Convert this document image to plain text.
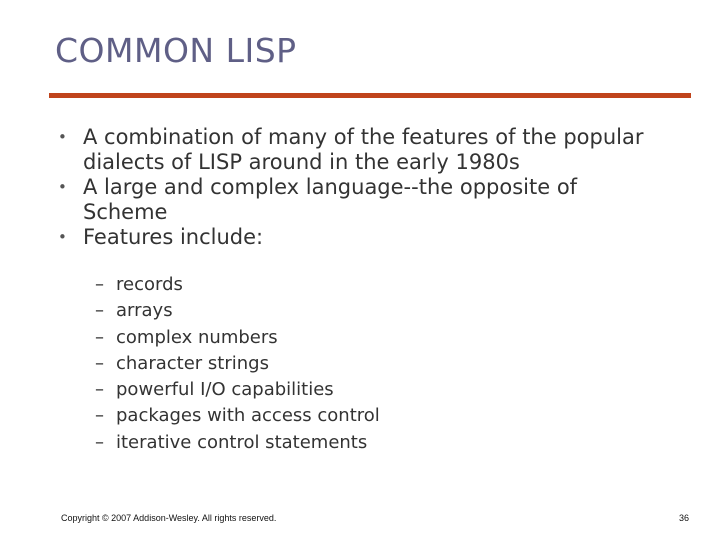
COMMON LISP
• A combination of many of the features of the popular dialects of LISP around in the early 1980s
• A large and complex language--the opposite of Scheme
• Features include:
– records
– arrays
– complex numbers
– character strings
– powerful I/O capabilities
– packages with access control
– iterative control statements
Copyright © 2007 Addison-Wesley. All rights reserved.	36
